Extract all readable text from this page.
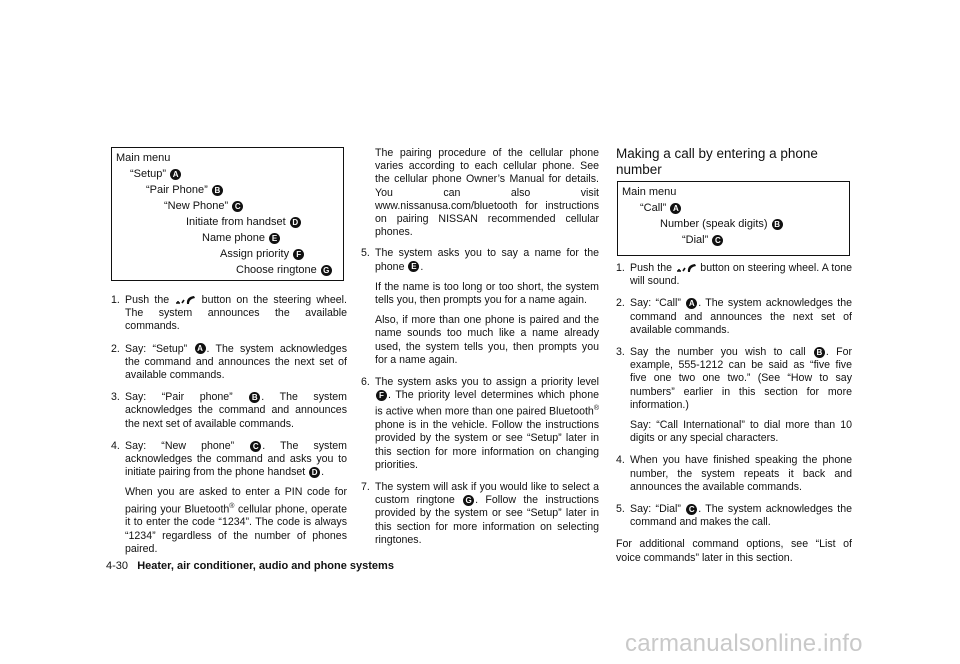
Main menu
“Setup” A
“Pair Phone” B
“New Phone” C
Initiate from handset D
Name phone E
Assign priority F
Choose ringtone G
1. Push the	button on the steering wheel. The system announces the available commands.
2. Say: “Setup” A . The system acknowledges the command and announces the next set of available commands.
3. Say: “Pair phone” B . The system acknowledges the command and announces the next set of available commands.
4. Say: “New phone” C . The system acknowledges the command and asks you to initiate pairing from the phone handset D .

When you are asked to enter a PIN code for pairing your Bluetooth® cellular phone, operate it to enter the code “1234”. The code is always “1234” regardless of the number of phones paired.

The pairing procedure of the cellular phone varies according to each cellular phone. See the cellular phone Owner’s Manual for details. You can also visit www.nissanusa.com/bluetooth for instructions on pairing NISSAN recommended cellular phones.

5. The system asks you to say a name for the phone E .

If the name is too long or too short, the system tells you, then prompts you for a name again.

Also, if more than one phone is paired and the name sounds too much like a name already used, the system tells you, then prompts you for a name again.

6. The system asks you to assign a priority level F . The priority level determines which phone is active when more than one paired Bluetooth® phone is in the vehicle. Follow the instructions provided by the system or see “Setup” later in this section for more information on changing priorities.
7. The system will ask if you would like to select a custom ringtone G . Follow the instructions provided by the system or see “Setup” later in this section for more information on selecting ringtones.
Making a call by entering a phone number
Main menu
“Call” A
Number (speak digits) B
“Dial” C
1. Push the	button on steering wheel. A tone will sound.
2. Say: “Call” A . The system acknowledges the command and announces the next set of available commands.
3. Say the number you wish to call B . For example, 555-1212 can be said as “five five five one two one two.” (See “How to say numbers” earlier in this section for more information.)

Say: “Call International” to dial more than 10 digits or any special characters.

4. When you have finished speaking the phone number, the system repeats it back and announces the available commands.
5. Say: “Dial” C . The system acknowledges the command and makes the call.

For additional command options, see “List of voice commands” later in this section.

4-30 Heater, air conditioner, audio and phone systems
carmanualsonline.info
